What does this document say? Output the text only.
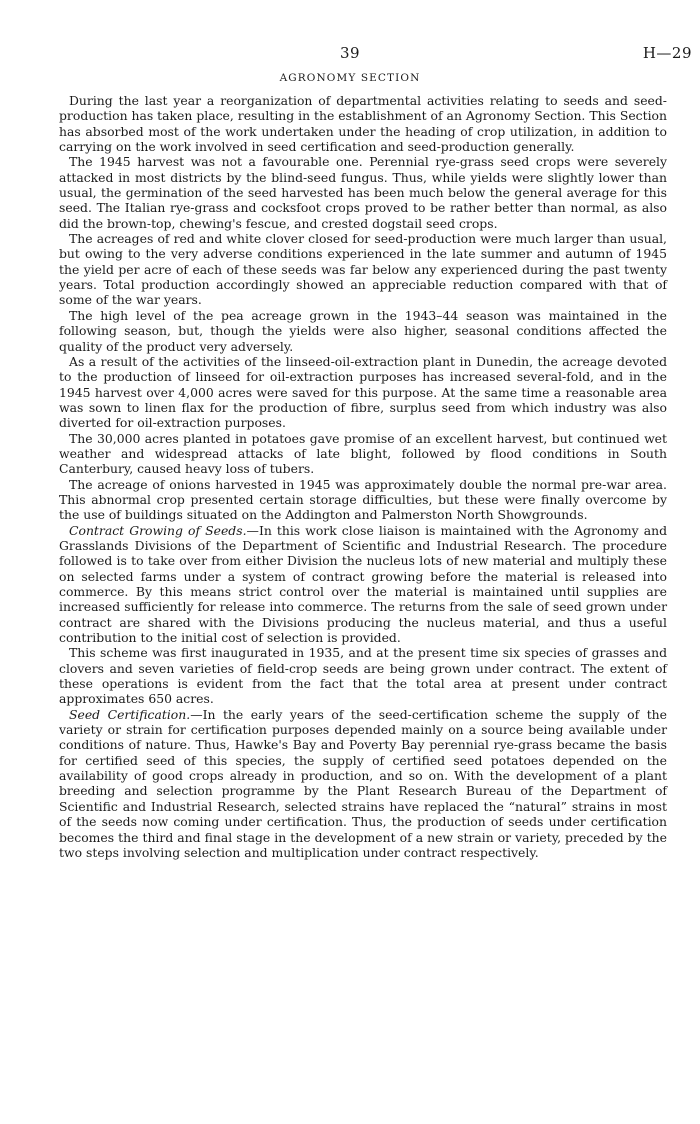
39	H—29
AGRONOMY SECTION

During the last year a reorganization of departmental activities relating to seeds and seed-production has taken place, resulting in the establishment of an Agronomy Section. This Section has absorbed most of the work undertaken under the heading of crop utilization, in addition to carrying on the work involved in seed certification and seed-production generally.

The 1945 harvest was not a favourable one. Perennial rye-grass seed crops were severely attacked in most districts by the blind-seed fungus. Thus, while yields were slightly lower than usual, the germination of the seed harvested has been much below the general average for this seed. The Italian rye-grass and cocksfoot crops proved to be rather better than normal, as also did the brown-top, chewing's fescue, and crested dogstail seed crops.

The acreages of red and white clover closed for seed-production were much larger than usual, but owing to the very adverse conditions experienced in the late summer and autumn of 1945 the yield per acre of each of these seeds was far below any experienced during the past twenty years. Total production accordingly showed an appreciable reduction compared with that of some of the war years.

The high level of the pea acreage grown in the 1943–44 season was maintained in the following season, but, though the yields were also higher, seasonal conditions affected the quality of the product very adversely.

As a result of the activities of the linseed-oil-extraction plant in Dunedin, the acreage devoted to the production of linseed for oil-extraction purposes has increased several-fold, and in the 1945 harvest over 4,000 acres were saved for this purpose. At the same time a reasonable area was sown to linen flax for the production of fibre, surplus seed from which industry was also diverted for oil-extraction purposes.

The 30,000 acres planted in potatoes gave promise of an excellent harvest, but continued wet weather and widespread attacks of late blight, followed by flood conditions in South Canterbury, caused heavy loss of tubers.

The acreage of onions harvested in 1945 was approximately double the normal pre-war area. This abnormal crop presented certain storage difficulties, but these were finally overcome by the use of buildings situated on the Addington and Palmerston North Showgrounds.

Contract Growing of Seeds.—In this work close liaison is maintained with the Agronomy and Grasslands Divisions of the Department of Scientific and Industrial Research. The procedure followed is to take over from either Division the nucleus lots of new material and multiply these on selected farms under a system of contract growing before the material is released into commerce. By this means strict control over the material is maintained until supplies are increased sufficiently for release into commerce. The returns from the sale of seed grown under contract are shared with the Divisions producing the nucleus material, and thus a useful contribution to the initial cost of selection is provided.

This scheme was first inaugurated in 1935, and at the present time six species of grasses and clovers and seven varieties of field-crop seeds are being grown under contract. The extent of these operations is evident from the fact that the total area at present under contract approximates 650 acres.

Seed Certification.—In the early years of the seed-certification scheme the supply of the variety or strain for certification purposes depended mainly on a source being available under conditions of nature. Thus, Hawke's Bay and Poverty Bay perennial rye-grass became the basis for certified seed of this species, the supply of certified seed potatoes depended on the availability of good crops already in production, and so on. With the development of a plant breeding and selection programme by the Plant Research Bureau of the Department of Scientific and Industrial Research, selected strains have replaced the “natural” strains in most of the seeds now coming under certification. Thus, the production of seeds under certification becomes the third and final stage in the development of a new strain or variety, preceded by the two steps involving selection and multiplication under contract respectively.
